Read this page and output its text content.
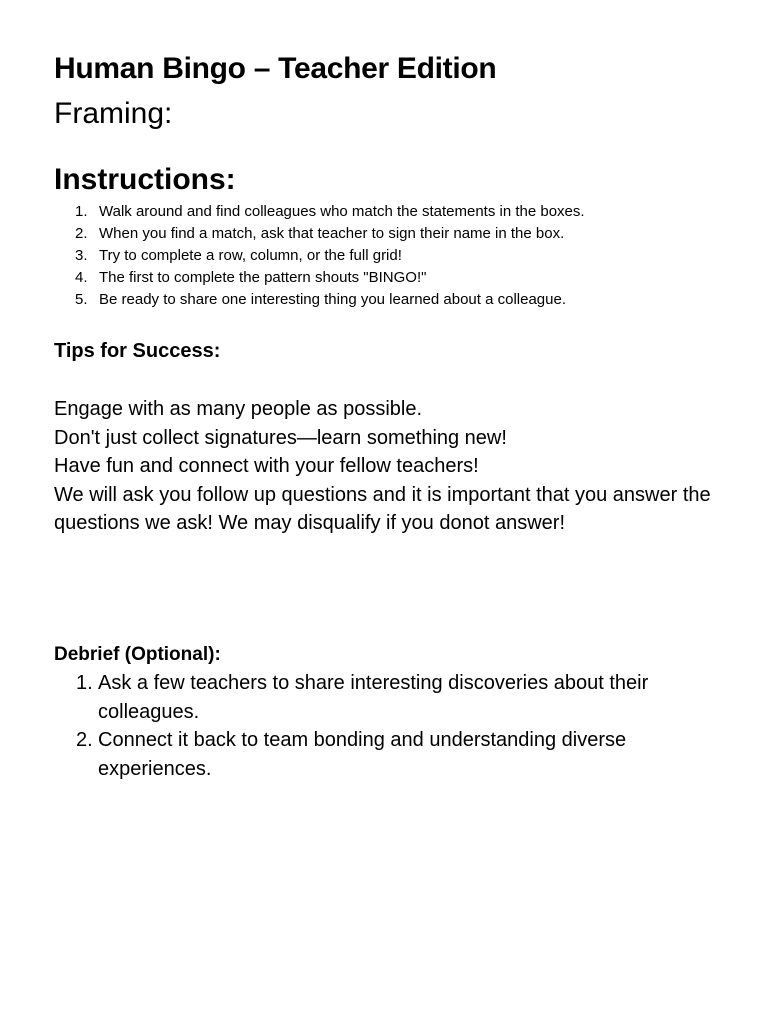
Human Bingo – Teacher Edition
Framing:
Instructions:
1. Walk around and find colleagues who match the statements in the boxes.
2. When you find a match, ask that teacher to sign their name in the box.
3. Try to complete a row, column, or the full grid!
4. The first to complete the pattern shouts "BINGO!"
5. Be ready to share one interesting thing you learned about a colleague.
Tips for Success:

Engage with as many people as possible.

Don't just collect signatures—learn something new!

Have fun and connect with your fellow teachers!

We will ask you follow up questions and it is important that you answer the questions we ask! We may disqualify if you donot answer!

Debrief (Optional):
1. Ask a few teachers to share interesting discoveries about their colleagues.
2. Connect it back to team bonding and understanding diverse experiences.
